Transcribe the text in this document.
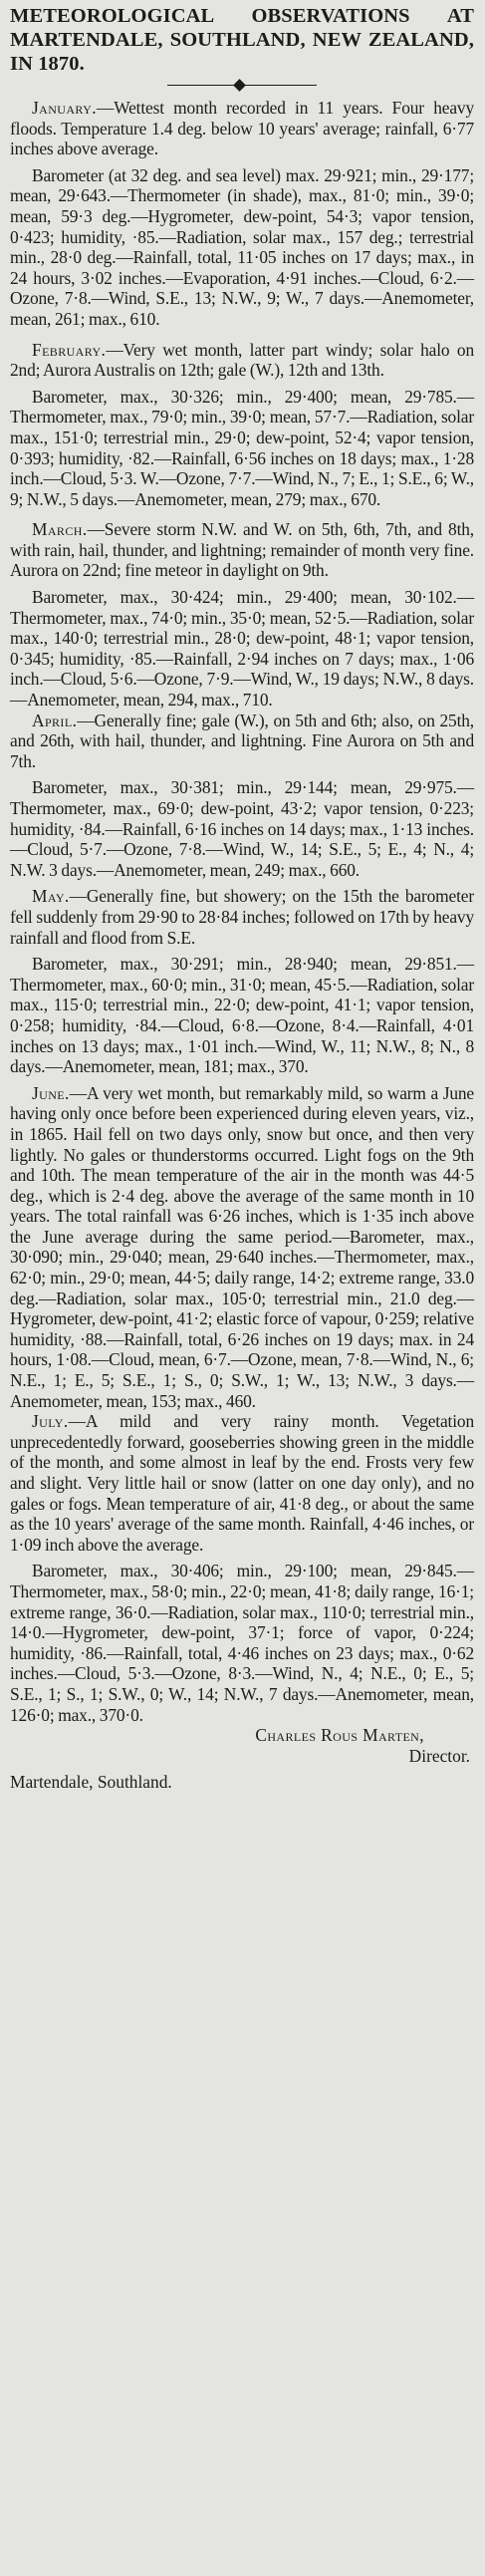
METEOROLOGICAL OBSERVATIONS AT MARTENDALE, SOUTHLAND, NEW ZEALAND, IN 1870.

January.—Wettest month recorded in 11 years. Four heavy floods. Temperature 1.4 deg. below 10 years' average; rainfall, 6·77 inches above average.

Barometer (at 32 deg. and sea level) max. 29·921; min., 29·177; mean, 29·643.—Thermometer (in shade), max., 81·0; min., 39·0; mean, 59·3 deg.—Hygrometer, dew-point, 54·3; vapor tension, 0·423; humidity, ·85.—Radiation, solar max., 157 deg.; terrestrial min., 28·0 deg.—Rainfall, total, 11·05 inches on 17 days; max., in 24 hours, 3·02 inches.—Evaporation, 4·91 inches.—Cloud, 6·2.—Ozone, 7·8.—Wind, S.E., 13; N.W., 9; W., 7 days.—Anemometer, mean, 261; max., 610.

February.—Very wet month, latter part windy; solar halo on 2nd; Aurora Australis on 12th; gale (W.), 12th and 13th.

Barometer, max., 30·326; min., 29·400; mean, 29·785.—Thermometer, max., 79·0; min., 39·0; mean, 57·7.—Radiation, solar max., 151·0; terrestrial min., 29·0; dew-point, 52·4; vapor tension, 0·393; humidity, ·82.—Rainfall, 6·56 inches on 18 days; max., 1·28 inch.—Cloud, 5·3. W.—Ozone, 7·7.—Wind, N., 7; E., 1; S.E., 6; W., 9; N.W., 5 days.—Anemometer, mean, 279; max., 670.

March.—Severe storm N.W. and W. on 5th, 6th, 7th, and 8th, with rain, hail, thunder, and lightning; remainder of month very fine. Aurora on 22nd; fine meteor in daylight on 9th.

Barometer, max., 30·424; min., 29·400; mean, 30·102.—Thermometer, max., 74·0; min., 35·0; mean, 52·5.—Radiation, solar max., 140·0; terrestrial min., 28·0; dew-point, 48·1; vapor tension, 0·345; humidity, ·85.—Rainfall, 2·94 inches on 7 days; max., 1·06 inch.—Cloud, 5·6.—Ozone, 7·9.—Wind, W., 19 days; N.W., 8 days.—Anemometer, mean, 294, max., 710.

April.—Generally fine; gale (W.), on 5th and 6th; also, on 25th, and 26th, with hail, thunder, and lightning. Fine Aurora on 5th and 7th.

Barometer, max., 30·381; min., 29·144; mean, 29·975.—Thermometer, max., 69·0; dew-point, 43·2; vapor tension, 0·223; humidity, ·84.—Rainfall, 6·16 inches on 14 days; max., 1·13 inches.—Cloud, 5·7.—Ozone, 7·8.—Wind, W., 14; S.E., 5; E., 4; N., 4; N.W. 3 days.—Anemometer, mean, 249; max., 660.

May.—Generally fine, but showery; on the 15th the barometer fell suddenly from 29·90 to 28·84 inches; followed on 17th by heavy rainfall and flood from S.E.

Barometer, max., 30·291; min., 28·940; mean, 29·851.—Thermometer, max., 60·0; min., 31·0; mean, 45·5.—Radiation, solar max., 115·0; terrestrial min., 22·0; dew-point, 41·1; vapor tension, 0·258; humidity, ·84.—Cloud, 6·8.—Ozone, 8·4.—Rainfall, 4·01 inches on 13 days; max., 1·01 inch.—Wind, W., 11; N.W., 8; N., 8 days.—Anemometer, mean, 181; max., 370.

June.—A very wet month, but remarkably mild, so warm a June having only once before been experienced during eleven years, viz., in 1865. Hail fell on two days only, snow but once, and then very lightly. No gales or thunderstorms occurred. Light fogs on the 9th and 10th. The mean temperature of the air in the month was 44·5 deg., which is 2·4 deg. above the average of the same month in 10 years. The total rainfall was 6·26 inches, which is 1·35 inch above the June average during the same period.—Barometer, max., 30·090; min., 29·040; mean, 29·640 inches.—Thermometer, max., 62·0; min., 29·0; mean, 44·5; daily range, 14·2; extreme range, 33.0 deg.—Radiation, solar max., 105·0; terrestrial min., 21.0 deg.—Hygrometer, dew-point, 41·2; elastic force of vapour, 0·259; relative humidity, ·88.—Rainfall, total, 6·26 inches on 19 days; max. in 24 hours, 1·08.—Cloud, mean, 6·7.—Ozone, mean, 7·8.—Wind, N., 6; N.E., 1; E., 5; S.E., 1; S., 0; S.W., 1; W., 13; N.W., 3 days.—Anemometer, mean, 153; max., 460.

July.—A mild and very rainy month. Vegetation unprecedentedly forward, gooseberries showing green in the middle of the month, and some almost in leaf by the end. Frosts very few and slight. Very little hail or snow (latter on one day only), and no gales or fogs. Mean temperature of air, 41·8 deg., or about the same as the 10 years' average of the same month. Rainfall, 4·46 inches, or 1·09 inch above the average.

Barometer, max., 30·406; min., 29·100; mean, 29·845.—Thermometer, max., 58·0; min., 22·0; mean, 41·8; daily range, 16·1; extreme range, 36·0.—Radiation, solar max., 110·0; terrestrial min., 14·0.—Hygrometer, dew-point, 37·1; force of vapor, 0·224; humidity, ·86.—Rainfall, total, 4·46 inches on 23 days; max., 0·62 inches.—Cloud, 5·3.—Ozone, 8·3.—Wind, N., 4; N.E., 0; E., 5; S.E., 1; S., 1; S.W., 0; W., 14; N.W., 7 days.—Anemometer, mean, 126·0; max., 370·0.

Charles Rous Marten,

Director.

Martendale, Southland.
